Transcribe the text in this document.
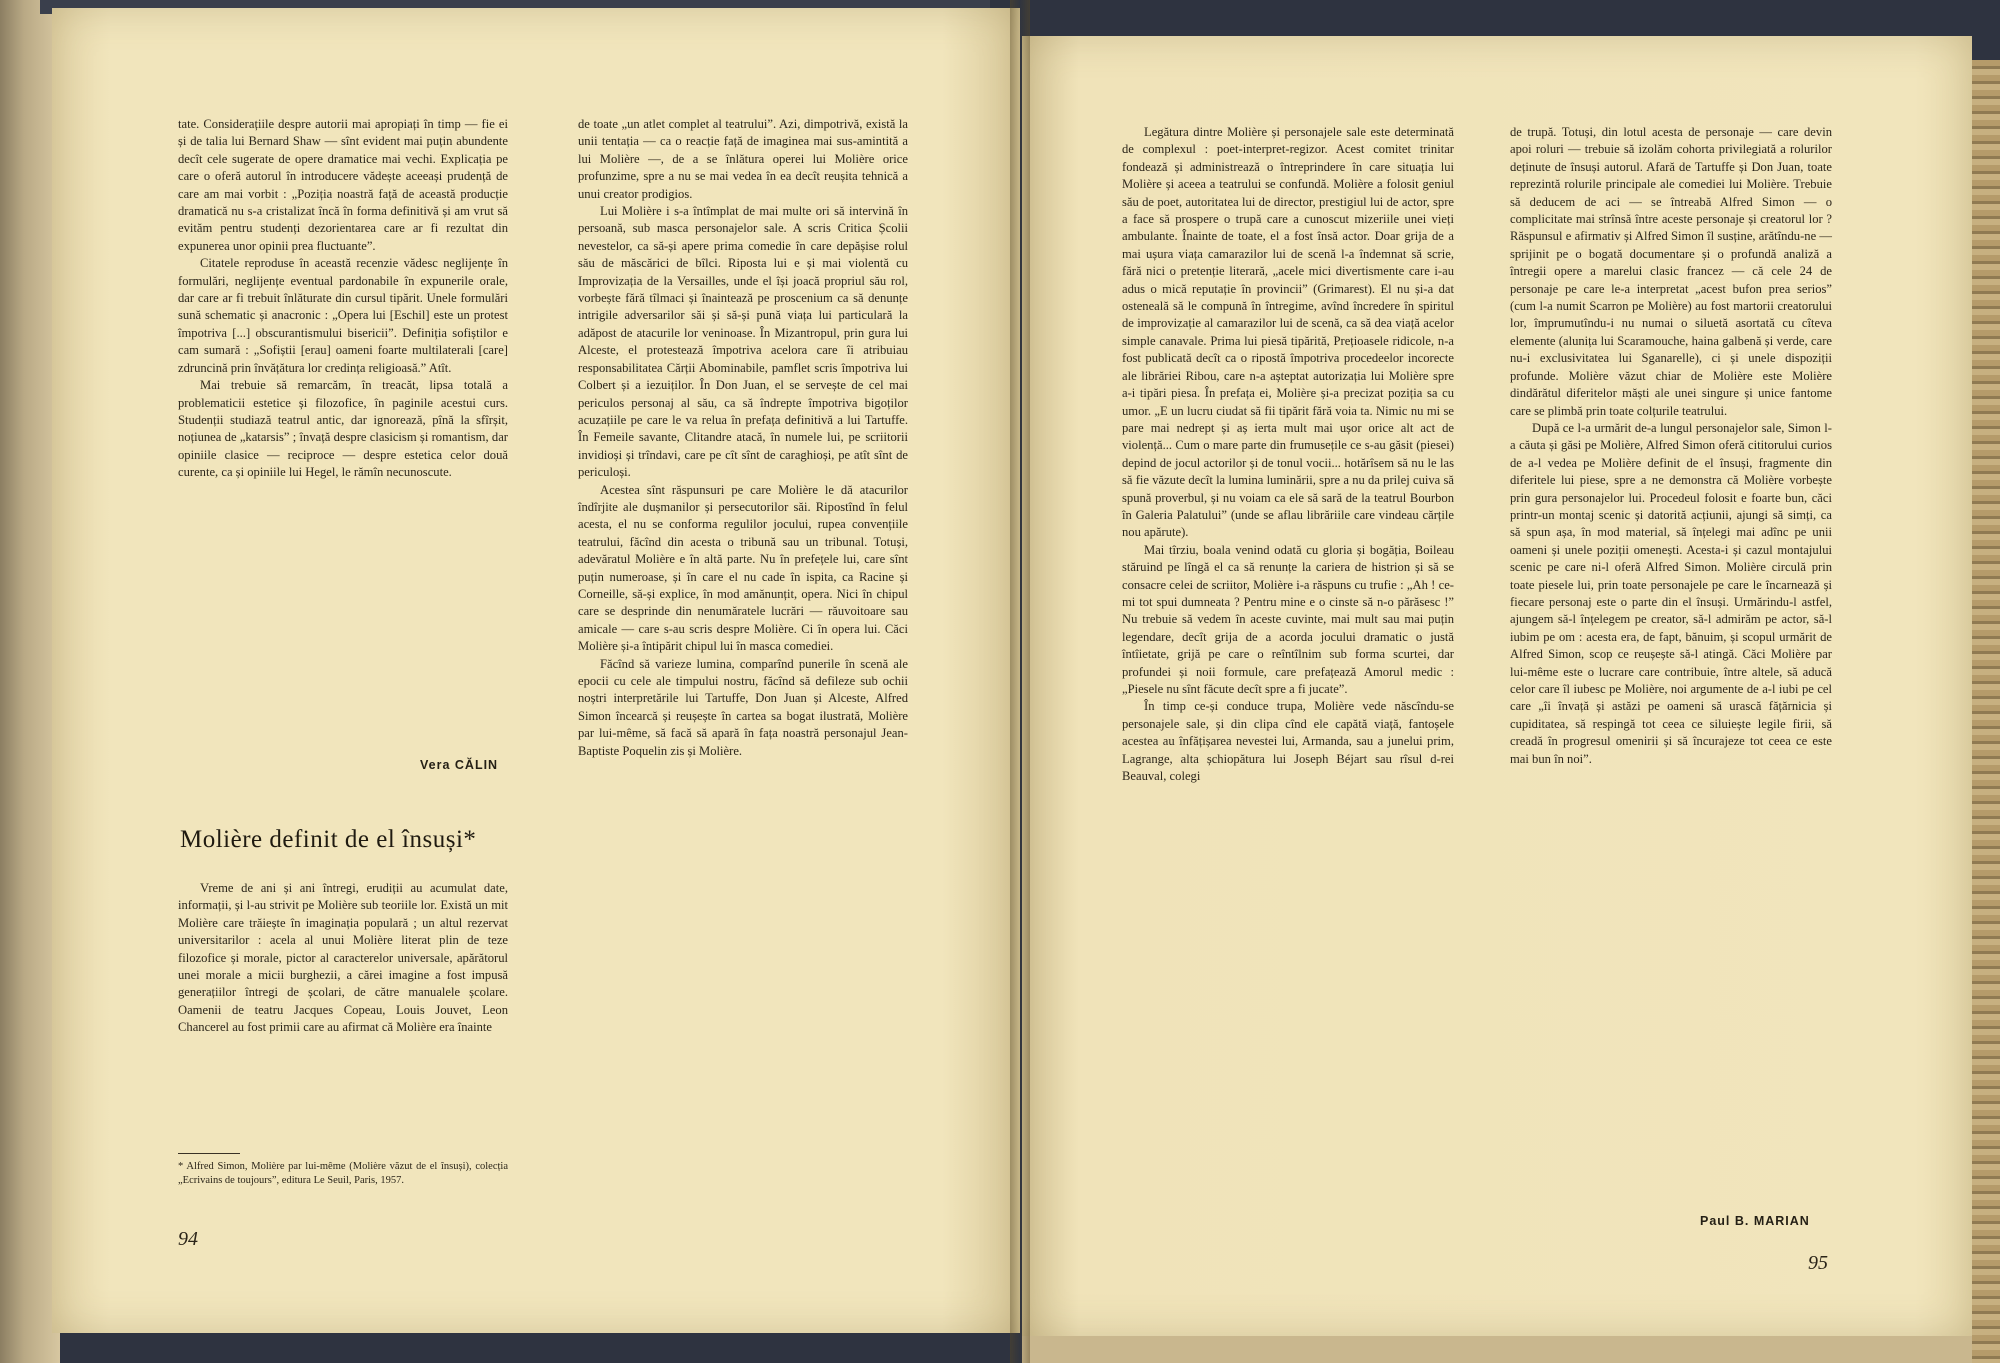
tate. Considerațiile despre autorii mai apropiați în timp — fie ei și de talia lui Bernard Shaw — sînt evident mai puțin abundente decît cele sugerate de opere dramatice mai vechi. Explicația pe care o oferă autorul în introducere vădește aceeași prudență de care am mai vorbit : „Poziția noastră față de această producție dramatică nu s-a cristalizat încă în forma definitivă și am vrut să evităm pentru studenți dezorientarea care ar fi rezultat din expunerea unor opinii prea fluctuante”.

Citatele reproduse în această recenzie vădesc neglijențe în formulări, neglijențe eventual pardonabile în expunerile orale, dar care ar fi trebuit înlăturate din cursul tipărit. Unele formulări sună schematic și anacronic : „Opera lui [Eschil] este un protest împotriva [...] obscurantismului bisericii”. Definiția sofiștilor e cam sumară : „Sofiștii [erau] oameni foarte multilaterali [care] zdruncină prin învățătura lor credința religioasă.” Atît.

Mai trebuie să remarcăm, în treacăt, lipsa totală a problematicii estetice și filozofice, în paginile acestui curs. Studenții studiază teatrul antic, dar ignorează, pînă la sfîrșit, noțiunea de „katarsis” ; învață despre clasicism și romantism, dar opiniile clasice — reciproce — despre estetica celor două curente, ca și opiniile lui Hegel, le rămîn necunoscute.

Vera CĂLIN
Molière definit de el însuși*

Vreme de ani și ani întregi, erudiții au acumulat date, informații, și l-au strivit pe Molière sub teoriile lor. Există un mit Molière care trăiește în imaginația populară ; un altul rezervat universitarilor : acela al unui Molière literat plin de teze filozofice și morale, pictor al caracterelor universale, apărătorul unei morale a micii burghezii, a cărei imagine a fost impusă generațiilor întregi de școlari, de către manualele școlare. Oamenii de teatru Jacques Copeau, Louis Jouvet, Leon Chancerel au fost primii care au afirmat că Molière era înainte

* Alfred Simon, Molière par lui-même (Molière văzut de el însuși), colecția „Ecrivains de toujours”, editura Le Seuil, Paris, 1957.

de toate „un atlet complet al teatrului”. Azi, dimpotrivă, există la unii tentația — ca o reacție față de imaginea mai sus-amintită a lui Molière —, de a se înlătura operei lui Molière orice profunzime, spre a nu se mai vedea în ea decît reușita tehnică a unui creator prodigios.

Lui Molière i s-a întîmplat de mai multe ori să intervină în persoană, sub masca personajelor sale. A scris Critica Școlii nevestelor, ca să-și apere prima comedie în care depășise rolul său de măscărici de bîlci. Riposta lui e și mai violentă cu Improvizația de la Versailles, unde el își joacă propriul său rol, vorbește fără tîlmaci și înaintează pe proscenium ca să denunțe intrigile adversarilor săi și să-și pună viața lui particulară la adăpost de atacurile lor veninoase. În Mizantropul, prin gura lui Alceste, el protestează împotriva acelora care îi atribuiau responsabilitatea Cărții Abominabile, pamflet scris împotriva lui Colbert și a iezuiților. În Don Juan, el se servește de cel mai periculos personaj al său, ca să îndrepte împotriva bigoților acuzațiile pe care le va relua în prefața definitivă a lui Tartuffe. În Femeile savante, Clitandre atacă, în numele lui, pe scriitorii invidioși și trîndavi, care pe cît sînt de caraghioși, pe atît sînt de periculoși.

Acestea sînt răspunsuri pe care Molière le dă atacurilor îndîrjite ale dușmanilor și persecutorilor săi. Ripostînd în felul acesta, el nu se conforma regulilor jocului, rupea convențiile teatrului, făcînd din acesta o tribună sau un tribunal. Totuși, adevăratul Molière e în altă parte. Nu în prefețele lui, care sînt puțin numeroase, și în care el nu cade în ispita, ca Racine și Corneille, să-și explice, în mod amănunțit, opera. Nici în chipul care se desprinde din nenumăratele lucrări — răuvoitoare sau amicale — care s-au scris despre Molière. Ci în opera lui. Căci Molière și-a întipărit chipul lui în masca comediei.

Făcînd să varieze lumina, comparînd punerile în scenă ale epocii cu cele ale timpului nostru, făcînd să defileze sub ochii noștri interpretările lui Tartuffe, Don Juan și Alceste, Alfred Simon încearcă și reușește în cartea sa bogat ilustrată, Molière par lui-même, să facă să apară în fața noastră personajul Jean-Baptiste Poquelin zis și Molière.

94

Legătura dintre Molière și personajele sale este determinată de complexul : poet-interpret-regizor. Acest comitet trinitar fondează și administrează o întreprindere în care situația lui Molière și aceea a teatrului se confundă. Molière a folosit geniul său de poet, autoritatea lui de director, prestigiul lui de actor, spre a face să prospere o trupă care a cunoscut mizeriile unei vieți ambulante. Înainte de toate, el a fost însă actor. Doar grija de a mai ușura viața camarazilor lui de scenă l-a îndemnat să scrie, fără nici o pretenție literară, „acele mici divertismente care i-au adus o mică reputație în provincii” (Grimarest). El nu și-a dat osteneală să le compună în întregime, avînd încredere în spiritul de improvizație al camarazilor lui de scenă, ca să dea viață acelor simple canavale. Prima lui piesă tipărită, Prețioasele ridicole, n-a fost publicată decît ca o ripostă împotriva procedeelor incorecte ale librăriei Ribou, care n-a așteptat autorizația lui Molière spre a-i tipări piesa. În prefața ei, Molière și-a precizat poziția sa cu umor. „E un lucru ciudat să fii tipărit fără voia ta. Nimic nu mi se pare mai nedrept și aș ierta mult mai ușor orice alt act de violență... Cum o mare parte din frumusețile ce s-au găsit (piesei) depind de jocul actorilor și de tonul vocii... hotărîsem să nu le las să fie văzute decît la lumina luminării, spre a nu da prilej cuiva să spună proverbul, și nu voiam ca ele să sară de la teatrul Bourbon în Galeria Palatului” (unde se aflau librăriile care vindeau cărțile nou apărute).

Mai tîrziu, boala venind odată cu gloria și bogăția, Boileau stăruind pe lîngă el ca să renunțe la cariera de histrion și să se consacre celei de scriitor, Molière i-a răspuns cu trufie : „Ah ! ce-mi tot spui dumneata ? Pentru mine e o cinste să n-o părăsesc !” Nu trebuie să vedem în aceste cuvinte, mai mult sau mai puțin legendare, decît grija de a acorda jocului dramatic o justă întîietate, grijă pe care o reîntîlnim sub forma scurtei, dar profundei și noii formule, care prefațează Amorul medic : „Piesele nu sînt făcute decît spre a fi jucate”.

În timp ce-și conduce trupa, Molière vede născîndu-se personajele sale, și din clipa cînd ele capătă viață, fantoșele acestea au înfățișarea nevestei lui, Armanda, sau a junelui prim, Lagrange, alta șchiopătura lui Joseph Béjart sau rîsul d-rei Beauval, colegi

de trupă. Totuși, din lotul acesta de personaje — care devin apoi roluri — trebuie să izolăm cohorta privilegiată a rolurilor deținute de însuși autorul. Afară de Tartuffe și Don Juan, toate reprezintă rolurile principale ale comediei lui Molière. Trebuie să deducem de aci — se întreabă Alfred Simon — o complicitate mai strînsă între aceste personaje și creatorul lor ? Răspunsul e afirmativ și Alfred Simon îl susține, arătîndu-ne — sprijinit pe o bogată documentare și o profundă analiză a întregii opere a marelui clasic francez — că cele 24 de personaje pe care le-a interpretat „acest bufon prea serios” (cum l-a numit Scarron pe Molière) au fost martorii creatorului lor, împrumutîndu-i nu numai o siluetă asortată cu cîteva elemente (alunița lui Scaramouche, haina galbenă și verde, care nu-i exclusivitatea lui Sganarelle), ci și unele dispoziții profunde. Molière văzut chiar de Molière este Molière dindărătul diferitelor măști ale unei singure și unice fantome care se plimbă prin toate colțurile teatrului.

După ce l-a urmărit de-a lungul personajelor sale, Simon l-a căuta și găsi pe Molière, Alfred Simon oferă cititorului curios de a-l vedea pe Molière definit de el însuși, fragmente din diferitele lui piese, spre a ne demonstra că Molière vorbește prin gura personajelor lui. Procedeul folosit e foarte bun, căci printr-un montaj scenic și datorită acțiunii, ajungi să simți, ca să spun așa, în mod material, să înțelegi mai adînc pe unii oameni și unele poziții omenești. Acesta-i și cazul montajului scenic pe care ni-l oferă Alfred Simon. Molière circulă prin toate piesele lui, prin toate personajele pe care le încarnează și fiecare personaj este o parte din el însuși. Urmărindu-l astfel, ajungem să-l înțelegem pe creator, să-l admirăm pe actor, să-l iubim pe om : acesta era, de fapt, bănuim, și scopul urmărit de Alfred Simon, scop ce reușește să-l atingă. Căci Molière par lui-même este o lucrare care contribuie, între altele, să aducă celor care îl iubesc pe Molière, noi argumente de a-l iubi pe cel care „îi învață și astăzi pe oameni să urască fățărnicia și cupiditatea, să respingă tot ceea ce siluiește legile firii, să creadă în progresul omenirii și să încurajeze tot ceea ce este mai bun în noi”.

Paul B. MARIAN
95
